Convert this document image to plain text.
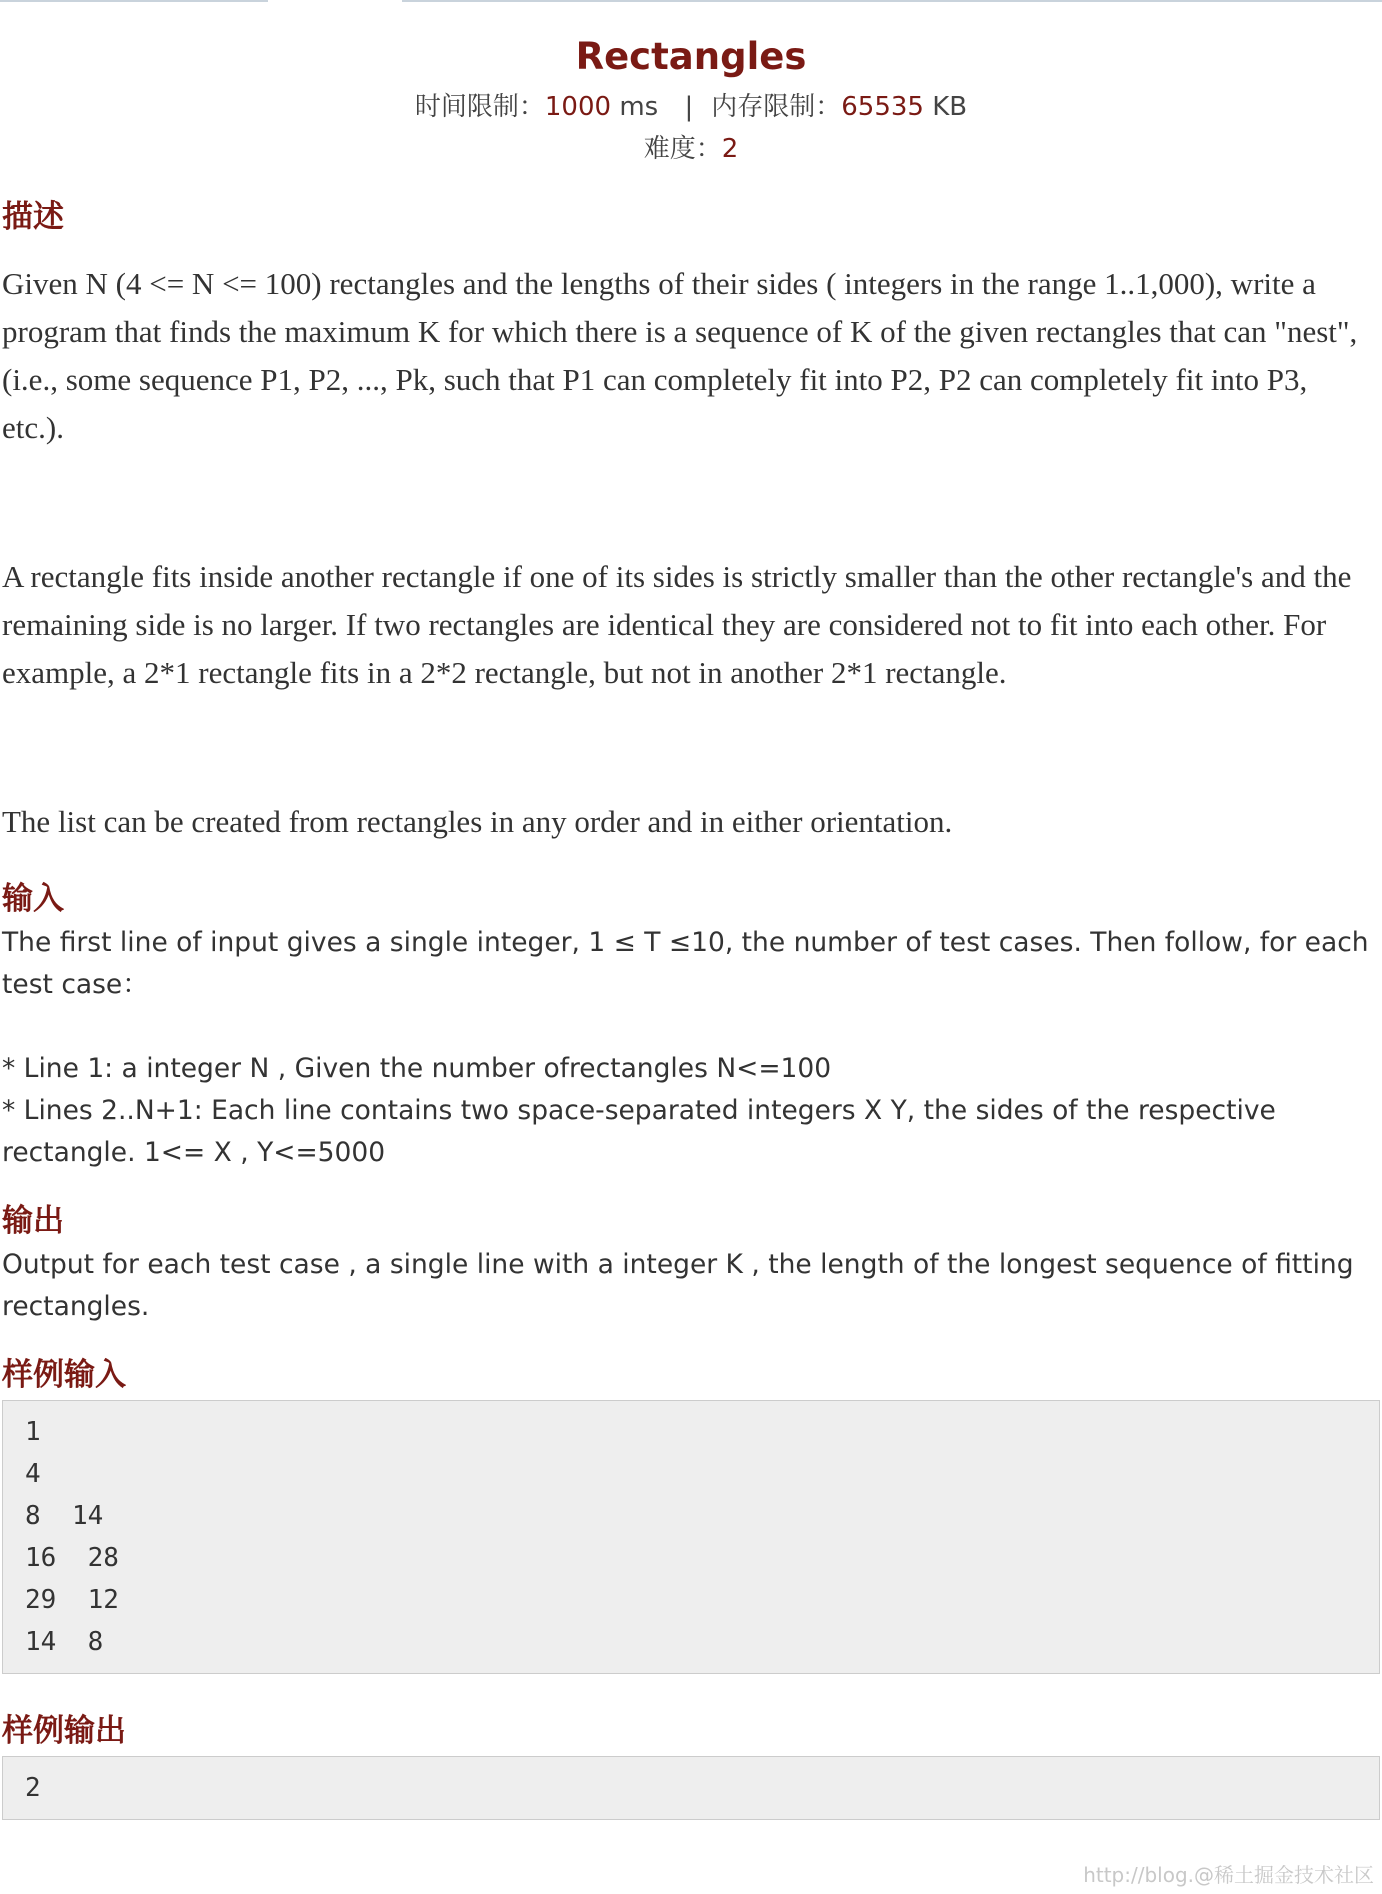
Rectangles
时间限制：1000 ms | 内存限制：65535 KB
难度：2
描述

Given N (4 <= N <= 100) rectangles and the lengths of their sides ( integers in the range 1..1,000), write a program that finds the maximum K for which there is a sequence of K of the given rectangles that can "nest", (i.e., some sequence P1, P2, ..., Pk, such that P1 can completely fit into P2, P2 can completely fit into P3, etc.).

A rectangle fits inside another rectangle if one of its sides is strictly smaller than the other rectangle's and the remaining side is no larger. If two rectangles are identical they are considered not to fit into each other. For example, a 2*1 rectangle fits in a 2*2 rectangle, but not in another 2*1 rectangle.

The list can be created from rectangles in any order and in either orientation.

输入

The first line of input gives a single integer, 1 ≤ T ≤10, the number of test cases. Then follow, for each test case：

* Line 1: a integer N , Given the number ofrectangles N<=100

* Lines 2..N+1: Each line contains two space-separated integers X Y, the sides of the respective rectangle. 1<= X , Y<=5000

输出

Output for each test case , a single line with a integer K , the length of the longest sequence of fitting rectangles.

样例输入
1
4
8  14
16  28
29  12
14  8
样例输出
2
http://blog.@稀土掘金技术社区
